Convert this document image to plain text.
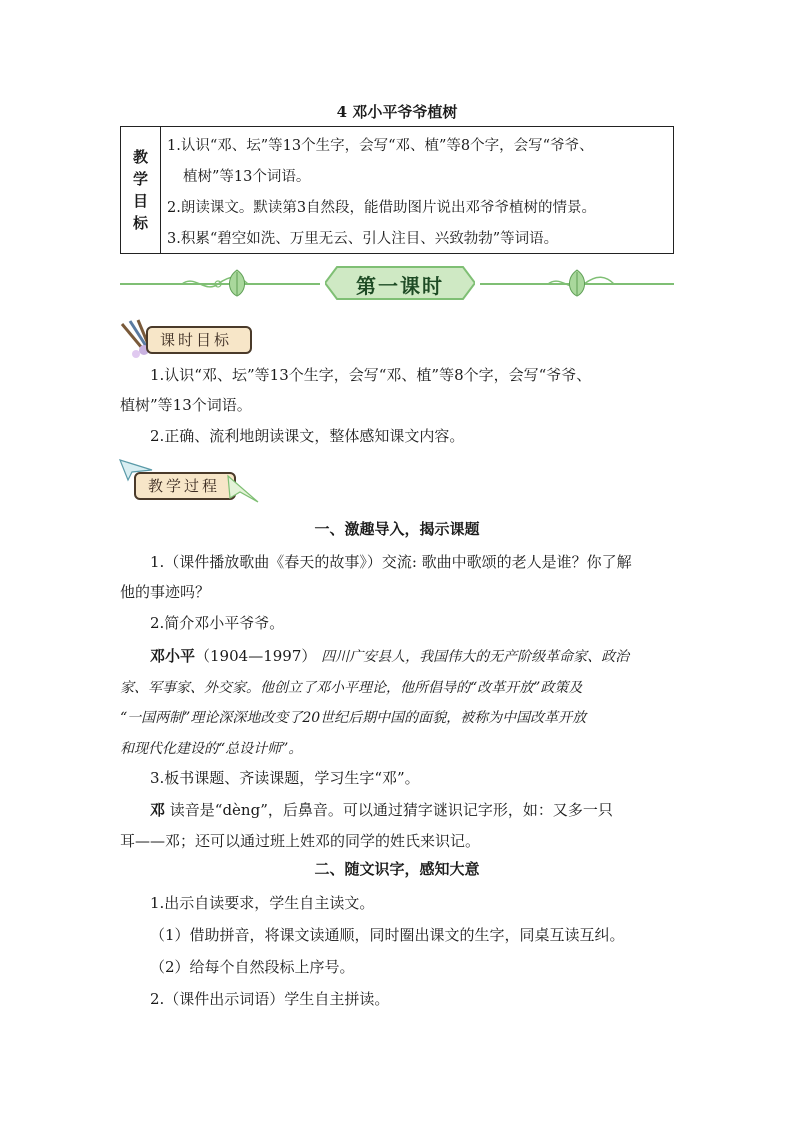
4 邓小平爷爷植树
教
学
目
标
1.认识“邓、坛”等13个生字，会写“邓、植”等8个字，会写“爷爷、
植树”等13个词语。
2.朗读课文。默读第3自然段，能借助图片说出邓爷爷植树的情景。
3.积累“碧空如洗、万里无云、引人注目、兴致勃勃”等词语。
第一课时
课时目标
1.认识“邓、坛”等13个生字，会写“邓、植”等8个字，会写“爷爷、
植树”等13个词语。
2.正确、流利地朗读课文，整体感知课文内容。
教学过程
一、激趣导入，揭示课题
1.（课件播放歌曲《春天的故事》）交流: 歌曲中歌颂的老人是谁？你了解
他的事迹吗？
2.简介邓小平爷爷。
邓小平（1904—1997） 四川广安县人，我国伟大的无产阶级革命家、政治
家、军事家、外交家。他创立了邓小平理论，他所倡导的“改革开放”政策及
“一国两制”理论深深地改变了20世纪后期中国的面貌，被称为中国改革开放
和现代化建设的“总设计师”。
3.板书课题、齐读课题，学习生字“邓”。
邓 读音是“dèng”，后鼻音。可以通过猜字谜识记字形，如：又多一只
耳——邓；还可以通过班上姓邓的同学的姓氏来识记。
二、随文识字，感知大意
1.出示自读要求，学生自主读文。
（1）借助拼音，将课文读通顺，同时圈出课文的生字，同桌互读互纠。
（2）给每个自然段标上序号。
2.（课件出示词语）学生自主拼读。
